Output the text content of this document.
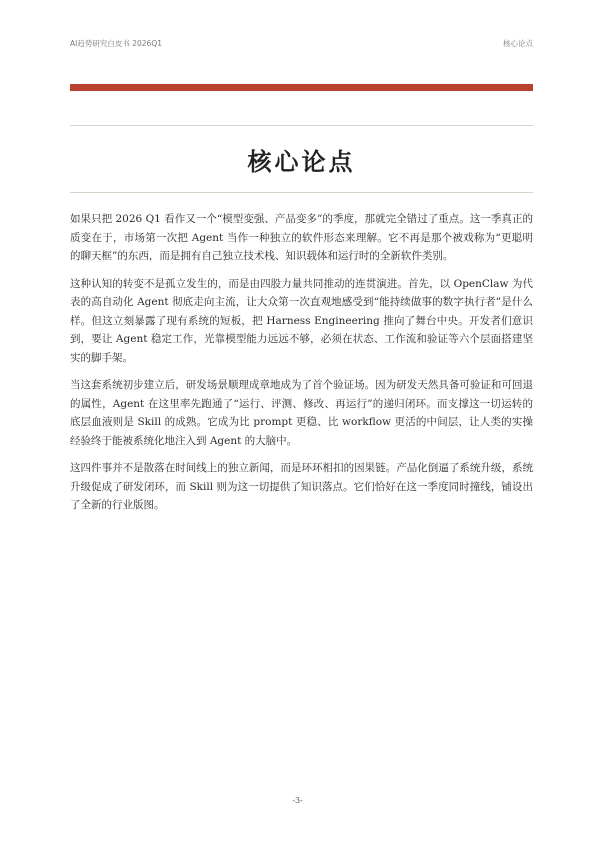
AI趋势研究白皮书 2026Q1	核心论点
核心论点

如果只把 2026 Q1 看作又一个“模型变强、产品变多”的季度，那就完全错过了重点。这一季真正的质变在于，市场第一次把 Agent 当作一种独立的软件形态来理解。它不再是那个被戏称为“更聪明的聊天框”的东西，而是拥有自己独立技术栈、知识载体和运行时的全新软件类别。

这种认知的转变不是孤立发生的，而是由四股力量共同推动的连贯演进。首先，以 OpenClaw 为代表的高自动化 Agent 彻底走向主流，让大众第一次直观地感受到“能持续做事的数字执行者”是什么样。但这立刻暴露了现有系统的短板，把 Harness Engineering 推向了舞台中央。开发者们意识到，要让 Agent 稳定工作，光靠模型能力远远不够，必须在状态、工作流和验证等六个层面搭建坚实的脚手架。

当这套系统初步建立后，研发场景顺理成章地成为了首个验证场。因为研发天然具备可验证和可回退的属性，Agent 在这里率先跑通了“运行、评测、修改、再运行”的递归闭环。而支撑这一切运转的底层血液则是 Skill 的成熟。它成为比 prompt 更稳、比 workflow 更活的中间层，让人类的实操经验终于能被系统化地注入到 Agent 的大脑中。

这四件事并不是散落在时间线上的独立新闻，而是环环相扣的因果链。产品化倒逼了系统升级，系统升级促成了研发闭环，而 Skill 则为这一切提供了知识落点。它们恰好在这一季度同时撞线，铺设出了全新的行业版图。

-3-
